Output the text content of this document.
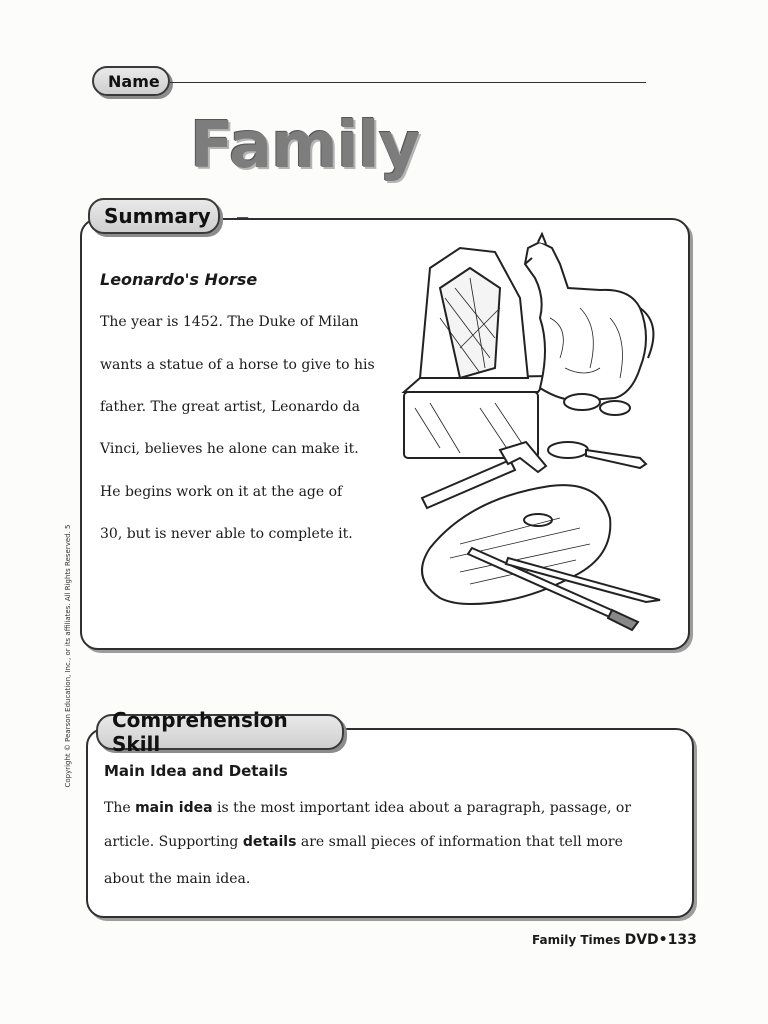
Name
Family
Summary
Leonardo's Horse
The year is 1452. The Duke of Milan
wants a statue of a horse to give to his
father. The great artist, Leonardo da
Vinci, believes he alone can make it.
He begins work on it at the age of
30, but is never able to complete it.
Comprehension Skill
Main Idea and Details
The main idea is the most important idea about a paragraph, passage, or
article. Supporting details are small pieces of information that tell more
about the main idea.
Family Times DVD•133
Copyright © Pearson Education, Inc., or its affiliates. All Rights Reserved. 5
